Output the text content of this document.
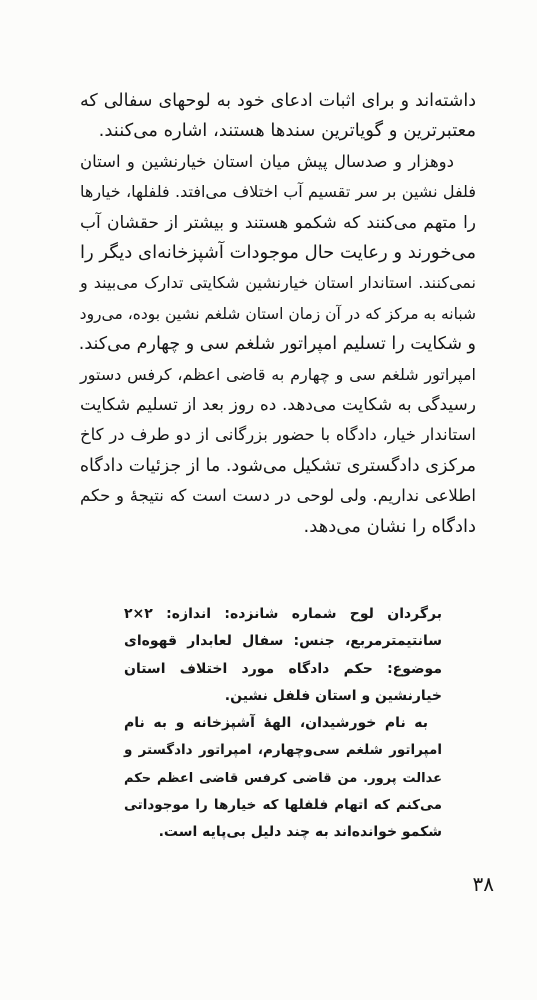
داشته‌اند و برای اثبات ادعای خود به لوحهای سفالی که
معتبرترین و گویاترین سندها هستند، اشاره می‌کنند.

دوهزار و صدسال پیش میان استان خیارنشین و استان
فلفل نشین بر سر تقسیم آب اختلاف می‌افتد. فلفلها، خیارها
را متهم می‌کنند که شکمو هستند و بیشتر از حقشان آب
می‌خورند و رعایت حال موجودات آشپزخانه‌ای دیگر را
نمی‌کنند. استاندار استان خیارنشین شکایتی تدارک می‌بیند و
شبانه به مرکز که در آن زمان استان شلغم نشین بوده، می‌رود
و شکایت را تسلیم امپراتور شلغم سی و چهارم می‌کند.
امپراتور شلغم سی و چهارم به قاضی اعظم، کرفس دستور
رسیدگی به شکایت می‌دهد. ده روز بعد از تسلیم شکایت
استاندار خیار، دادگاه با حضور بزرگانی از دو طرف در کاخ
مرکزی دادگستری تشکیل می‌شود. ما از جزئیات دادگاه
اطلاعی نداریم. ولی لوحی در دست است که نتیجهٔ و حکم
دادگاه را نشان می‌دهد.

برگردان لوح شماره شانزده: اندازه: ۲×۲
سانتیمترمربع، جنس: سفال لعابدار قهوه‌ای
موضوع: حکم دادگاه مورد اختلاف استان
خیارنشین و استان فلفل نشین.

به نام خورشیدان، الههٔ آشپزخانه و به نام
امپراتور شلغم سی‌وچهارم، امپراتور دادگستر و
عدالت پرور. من قاضی کرفس قاضی اعظم حکم
می‌کنم که اتهام فلفلها که خیارها را موجوداتی
شکمو خوانده‌اند به چند دلیل بی‌پایه است.

۳۸
